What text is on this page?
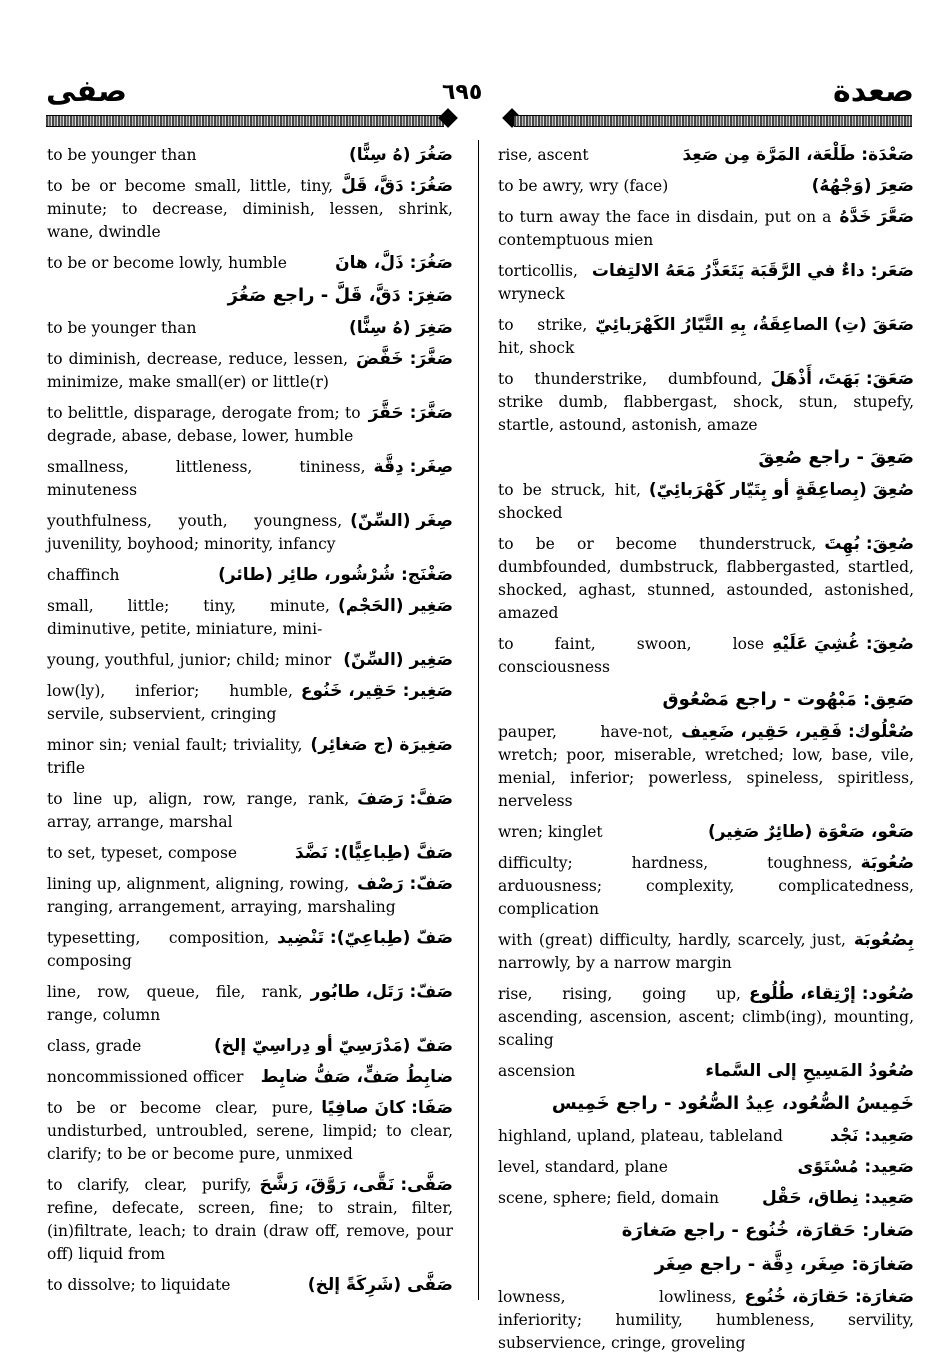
صفى	٦٩٥	صعدة
صَغُرَ (هُ سِنًّا)
to be younger than
صَغُرَ: دَقَّ، قَلَّ
to be or become small, little, tiny, minute; to decrease, diminish, lessen, shrink, wane, dwindle
صَغُرَ: ذَلَّ، هانَ
to be or become lowly, humble
صَغِرَ: دَقَّ، قَلَّ - راجع صَغُرَ
صَغِرَ (هُ سِنًّا)
to be younger than
صَغَّرَ: خَفَّضَ
to diminish, decrease, reduce, lessen, minimize, make small(er) or little(r)
صَغَّرَ: حَقَّرَ
to belittle, disparage, derogate from; to degrade, abase, debase, lower, humble
صِغَر: دِقَّة
smallness, littleness, tininess, minuteness
صِغَر (السِّنّ)
youthfulness, youth, youngness, juvenility, boyhood; minority, infancy
صَغْنَج: شُرْشُور، طائِر (طائر)
chaffinch
صَغِير (الحَجْم)
small, little; tiny, minute, diminutive, petite, miniature, mini-
صَغِير (السِّنّ)
young, youthful, junior; child; minor
صَغِير: حَقِير، خَنُوع
low(ly), inferior; humble, servile, subservient, cringing
صَغِيرَة (ج صَغائِر)
minor sin; venial fault; triviality, trifle
صَفَّ: رَصَفَ
to line up, align, row, range, rank, array, arrange, marshal
صَفَّ (طِباعِيًّا): نَضَّدَ
to set, typeset, compose
صَفّ: رَصْف
lining up, alignment, aligning, rowing, ranging, arrangement, arraying, marshaling
صَفّ (طِباعِيّ): تَنْضِيد
typesetting, composition, composing
صَفّ: رَتَل، طابُور
line, row, queue, file, rank, range, column
صَفّ (مَدْرَسِيّ أو دِراسِيّ إلخ)
class, grade
ضابِطُ صَفٍّ، صَفُّ ضابِط
noncommissioned officer
صَفَا: كانَ صافِيًا
to be or become clear, pure, undisturbed, untroubled, serene, limpid; to clear, clarify; to be or become pure, unmixed
صَفَّى: نَقَّى، رَوَّقَ، رَشَّحَ
to clarify, clear, purify, refine, defecate, screen, fine; to strain, filter, (in)filtrate, leach; to drain (draw off, remove, pour off) liquid from
صَفَّى (شَرِكَةً إلخ)
to dissolve; to liquidate
صَعْدَة: طَلْعَة، المَرَّة مِن صَعِدَ
rise, ascent
صَعِرَ (وَجْهُهُ)
to be awry, wry (face)
صَعَّرَ خَدَّهُ
to turn away the face in disdain, put on a contemptuous mien
صَعَر: داءٌ في الرَّقَبَة يَتَعَذَّرُ مَعَهُ الالتِفات
torticollis, wryneck
صَعَقَ (تِ) الصاعِقَةُ، بِهِ التَّيّارُ الكَهْرَبائِيّ
to strike, hit, shock
صَعَقَ: بَهَتَ، أَذْهَلَ
to thunderstrike, dumbfound, strike dumb, flabbergast, shock, stun, stupefy, startle, astound, astonish, amaze
صَعِقَ - راجع صُعِقَ
صُعِقَ (بِصاعِقَةٍ أو بِتَيّار كَهْرَبائِيّ)
to be struck, hit, shocked
صُعِقَ: بُهِتَ
to be or become thunderstruck, dumbfounded, dumbstruck, flabbergasted, startled, shocked, aghast, stunned, astounded, astonished, amazed
صُعِقَ: غُشِيَ عَلَيْهِ
to faint, swoon, lose consciousness
صَعِق: مَبْهُوت - راجع مَصْعُوق
صُعْلُوك: فَقِير، حَقِير، ضَعِيف
pauper, have-not, wretch; poor, miserable, wretched; low, base, vile, menial, inferior; powerless, spineless, spiritless, nerveless
صَعْو، صَعْوَة (طائِرٌ صَغِير)
wren; kinglet
صُعُوبَة
difficulty; hardness, toughness, arduousness; complexity, complicatedness, complication
بِصُعُوبَة
with (great) difficulty, hardly, scarcely, just, narrowly, by a narrow margin
صُعُود: إرْتِقاء، طُلُوع
rise, rising, going up, ascending, ascension, ascent; climb(ing), mounting, scaling
صُعُودُ المَسِيحِ إلى السَّماء
ascension
خَمِيسُ الصُّعُود، عِيدُ الصُّعُود - راجع خَمِيس
صَعِيد: نَجْد
highland, upland, plateau, tableland
صَعِيد: مُسْتَوًى
level, standard, plane
صَعِيد: نِطاق، حَقْل
scene, sphere; field, domain
صَغار: حَقارَة، خُنُوع - راجع صَغارَة
صَغارَة: صِغَر، دِقَّة - راجع صِغَر
صَغارَة: حَقارَة، خُنُوع
lowness, lowliness, inferiority; humility, humbleness, servility, subservience, cringe, groveling
